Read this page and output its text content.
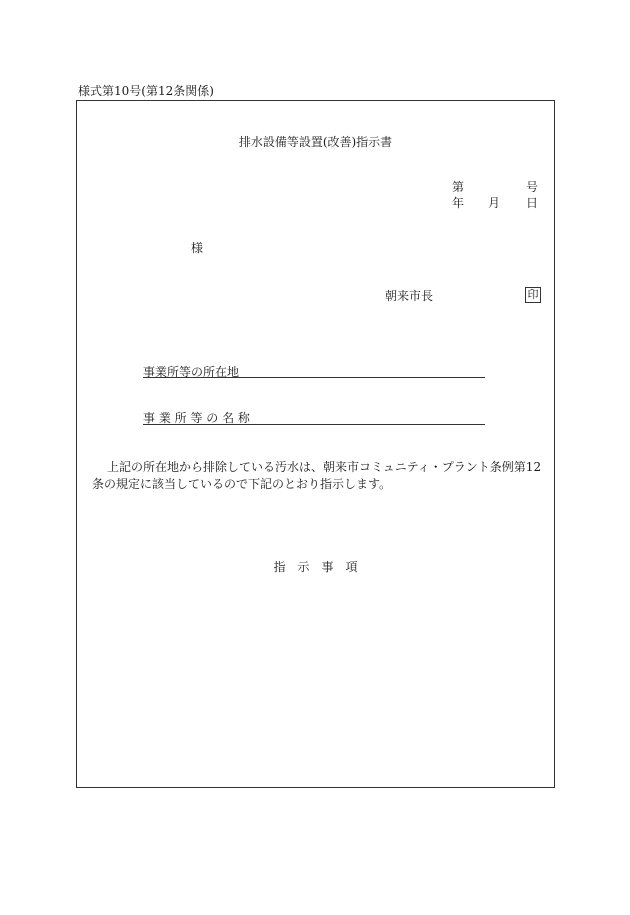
様式第10号(第12条関係)
排水設備等設置(改善)指示書
第	号
年 月 日
様
朝来市長	印
事業所等の所在地
事 業 所 等 の 名 称

上記の所在地から排除している汚水は、朝来市コミュニティ・プラント条例第12

条の規定に該当しているので下記のとおり指示します。

指　示　事　項
